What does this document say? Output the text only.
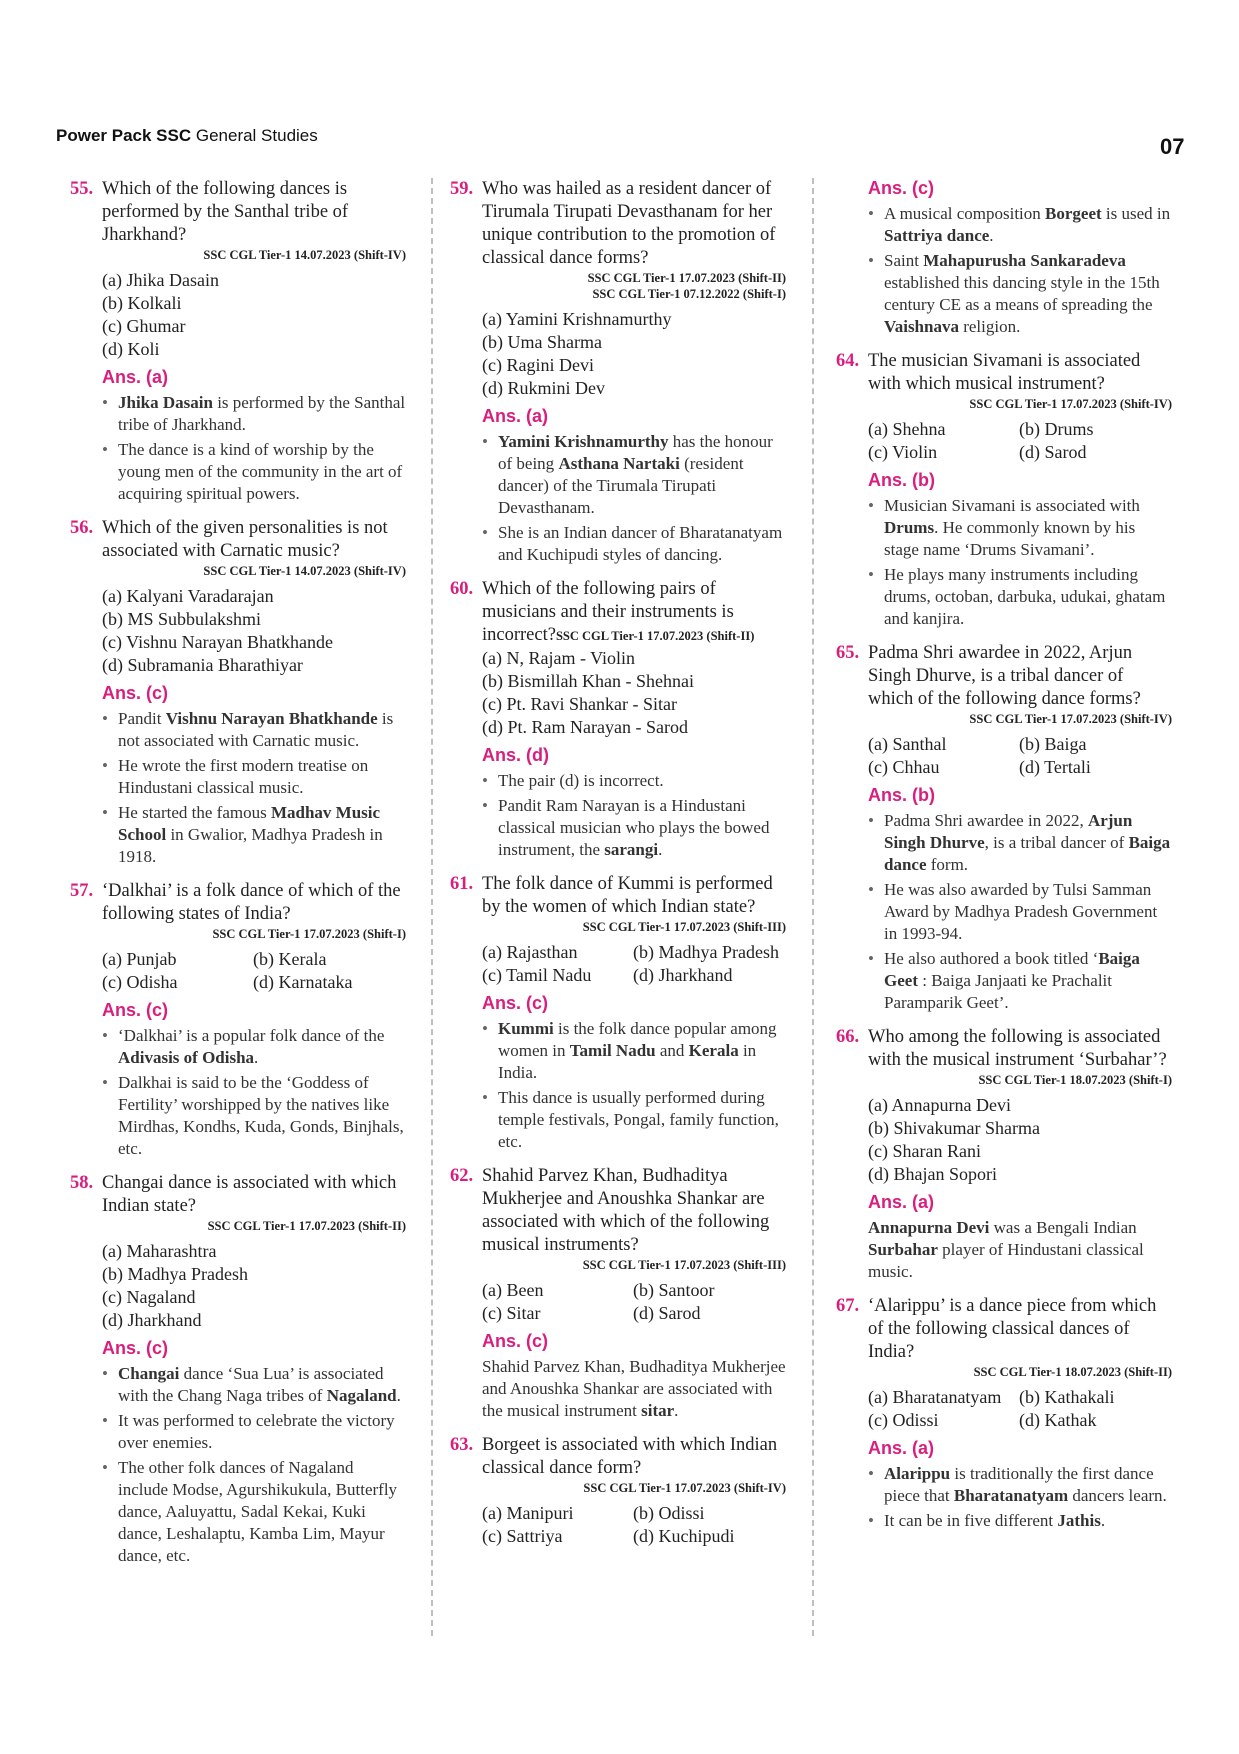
Power Pack SSC General Studies	07
55. Which of the following dances is performed by the Santhal tribe of Jharkhand?
SSC CGL Tier-1 14.07.2023 (Shift-IV)
(a) Jhika Dasain
(b) Kolkali
(c) Ghumar
(d) Koli
Ans. (a)
• Jhika Dasain is performed by the Santhal tribe of Jharkhand.
• The dance is a kind of worship by the young men of the community in the art of acquiring spiritual powers.
56. Which of the given personalities is not associated with Carnatic music?
SSC CGL Tier-1 14.07.2023 (Shift-IV)
(a) Kalyani Varadarajan
(b) MS Subbulakshmi
(c) Vishnu Narayan Bhatkhande
(d) Subramania Bharathiyar
Ans. (c)
• Pandit Vishnu Narayan Bhatkhande is not associated with Carnatic music.
• He wrote the first modern treatise on Hindustani classical music.
• He started the famous Madhav Music School in Gwalior, Madhya Pradesh in 1918.
57. ‘Dalkhai’ is a folk dance of which of the following states of India?
SSC CGL Tier-1 17.07.2023 (Shift-I)
(a) Punjab	(b) Kerala
(c) Odisha	(d) Karnataka
Ans. (c)
• ‘Dalkhai’ is a popular folk dance of the Adivasis of Odisha.
• Dalkhai is said to be the ‘Goddess of Fertility’ worshipped by the natives like Mirdhas, Kondhs, Kuda, Gonds, Binjhals, etc.
58. Changai dance is associated with which Indian state?
SSC CGL Tier-1 17.07.2023 (Shift-II)
(a) Maharashtra
(b) Madhya Pradesh
(c) Nagaland
(d) Jharkhand
Ans. (c)
• Changai dance ‘Sua Lua’ is associated with the Chang Naga tribes of Nagaland.
• It was performed to celebrate the victory over enemies.
• The other folk dances of Nagaland include Modse, Agurshikukula, Butterfly dance, Aaluyattu, Sadal Kekai, Kuki dance, Leshalaptu, Kamba Lim, Mayur dance, etc.
59. Who was hailed as a resident dancer of Tirumala Tirupati Devasthanam for her unique contribution to the promotion of classical dance forms?
SSC CGL Tier-1 17.07.2023 (Shift-II)
SSC CGL Tier-1 07.12.2022 (Shift-I)
(a) Yamini Krishnamurthy
(b) Uma Sharma
(c) Ragini Devi
(d) Rukmini Dev
Ans. (a)
• Yamini Krishnamurthy has the honour of being Asthana Nartaki (resident dancer) of the Tirumala Tirupati Devasthanam.
• She is an Indian dancer of Bharatanatyam and Kuchipudi styles of dancing.
60. Which of the following pairs of musicians and their instruments is incorrect?SSC CGL Tier-1 17.07.2023 (Shift-II)
(a) N, Rajam - Violin
(b) Bismillah Khan - Shehnai
(c) Pt. Ravi Shankar - Sitar
(d) Pt. Ram Narayan - Sarod
Ans. (d)
• The pair (d) is incorrect.
• Pandit Ram Narayan is a Hindustani classical musician who plays the bowed instrument, the sarangi.
61. The folk dance of Kummi is performed by the women of which Indian state?
SSC CGL Tier-1 17.07.2023 (Shift-III)
(a) Rajasthan	(b) Madhya Pradesh
(c) Tamil Nadu	(d) Jharkhand
Ans. (c)
• Kummi is the folk dance popular among women in Tamil Nadu and Kerala in India.
• This dance is usually performed during temple festivals, Pongal, family function, etc.
62. Shahid Parvez Khan, Budhaditya Mukherjee and Anoushka Shankar are associated with which of the following musical instruments?
SSC CGL Tier-1 17.07.2023 (Shift-III)
(a) Been	(b) Santoor
(c) Sitar	(d) Sarod
Ans. (c)
Shahid Parvez Khan, Budhaditya Mukherjee and Anoushka Shankar are associated with the musical instrument sitar.
63. Borgeet is associated with which Indian classical dance form?
SSC CGL Tier-1 17.07.2023 (Shift-IV)
(a) Manipuri	(b) Odissi
(c) Sattriya	(d) Kuchipudi
Ans. (c)
• A musical composition Borgeet is used in Sattriya dance.
• Saint Mahapurusha Sankaradeva established this dancing style in the 15th century CE as a means of spreading the Vaishnava religion.
64. The musician Sivamani is associated with which musical instrument?
SSC CGL Tier-1 17.07.2023 (Shift-IV)
(a) Shehna	(b) Drums
(c) Violin	(d) Sarod
Ans. (b)
• Musician Sivamani is associated with Drums. He commonly known by his stage name ‘Drums Sivamani’.
• He plays many instruments including drums, octoban, darbuka, udukai, ghatam and kanjira.
65. Padma Shri awardee in 2022, Arjun Singh Dhurve, is a tribal dancer of which of the following dance forms?
SSC CGL Tier-1 17.07.2023 (Shift-IV)
(a) Santhal	(b) Baiga
(c) Chhau	(d) Tertali
Ans. (b)
• Padma Shri awardee in 2022, Arjun Singh Dhurve, is a tribal dancer of Baiga dance form.
• He was also awarded by Tulsi Samman Award by Madhya Pradesh Government in 1993-94.
• He also authored a book titled ‘Baiga Geet : Baiga Janjaati ke Prachalit Paramparik Geet’.
66. Who among the following is associated with the musical instrument ‘Surbahar’?
SSC CGL Tier-1 18.07.2023 (Shift-I)
(a) Annapurna Devi
(b) Shivakumar Sharma
(c) Sharan Rani
(d) Bhajan Sopori
Ans. (a)
Annapurna Devi was a Bengali Indian Surbahar player of Hindustani classical music.
67. ‘Alarippu’ is a dance piece from which of the following classical dances of India?
SSC CGL Tier-1 18.07.2023 (Shift-II)
(a) Bharatanatyam (b) Kathakali
(c) Odissi	(d) Kathak
Ans. (a)
• Alarippu is traditionally the first dance piece that Bharatanatyam dancers learn.
• It can be in five different Jathis.
